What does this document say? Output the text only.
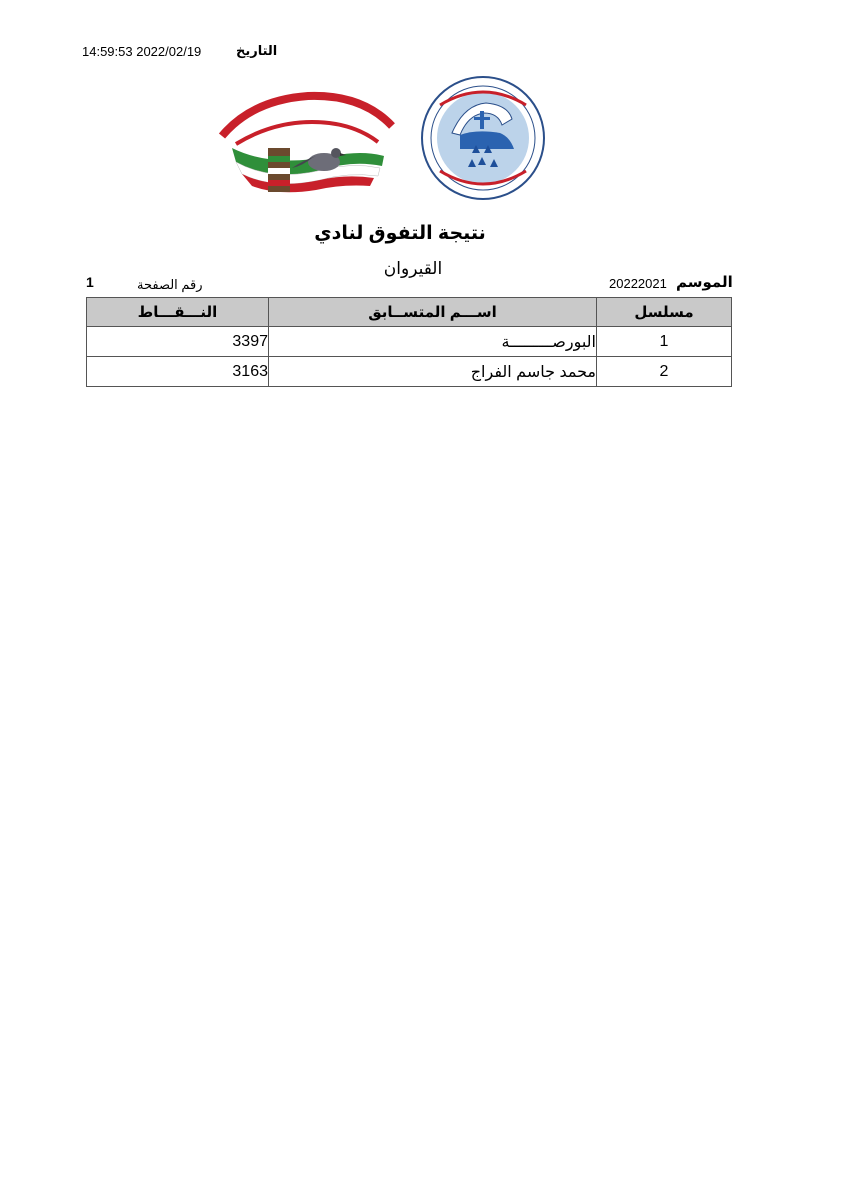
14:59:53 2022/02/19	التاريخ
نتيجة التفوق لنادي
القيروان
الموسم
20222021
رقم الصفحة
1
النـــقـــاط	اســـم المتســابق	مسلسل
3397	البورصـــــــــة	1
3163	محمد جاسم الفراج	2
